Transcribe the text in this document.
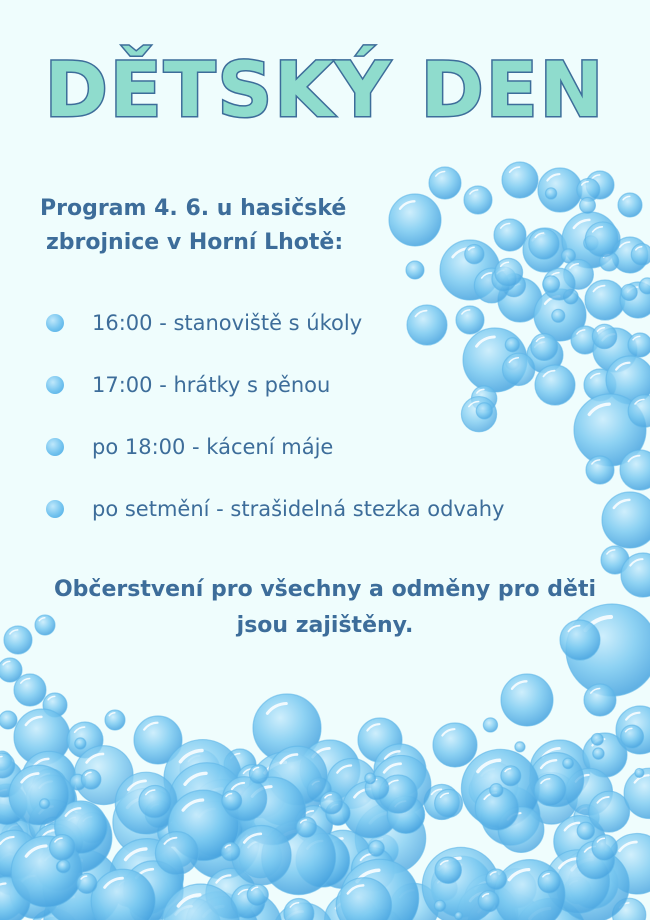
DĚTSKÝ DEN
Program 4. 6. u hasičské
zbrojnice v Horní Lhotě:
16:00 - stanoviště s úkoly
17:00 - hrátky s pěnou
po 18:00 - kácení máje
po setmění - strašidelná stezka odvahy
Občerstvení pro všechny a odměny pro děti
jsou zajištěny.
